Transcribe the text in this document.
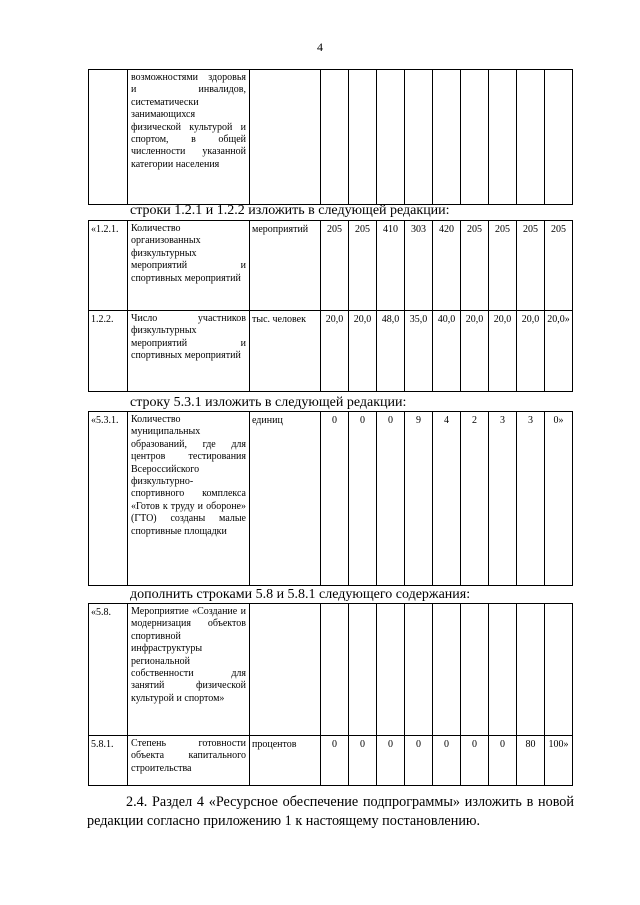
4
	возможностями здоровья и инвалидов, систематически занимающихся физической культурой и спортом, в общей численности указанной категории населения										
строки 1.2.1 и 1.2.2 изложить в следующей редакции:
«1.2.1.	Количество организованных физкультурных мероприятий и спортивных мероприятий	мероприятий	205	205	410	303	420	205	205	205	205
1.2.2.	Число участников физкультурных мероприятий и спортивных мероприятий	тыс. человек	20,0	20,0	48,0	35,0	40,0	20,0	20,0	20,0	20,0»
строку 5.3.1 изложить в следующей редакции:
«5.3.1.	Количество муниципальных образований, где для центров тестирования Всероссийского физкультурно-спортивного комплекса «Готов к труду и обороне» (ГТО) созданы малые спортивные площадки	единиц	0	0	0	9	4	2	3	3	0»
дополнить строками 5.8 и 5.8.1 следующего содержания:
«5.8.	Мероприятие «Создание и модернизация объектов спортивной инфраструктуры региональной собственности для занятий физической культурой и спортом»										
5.8.1.	Степень готовности объекта капитального строительства	процентов	0	0	0	0	0	0	0	80	100»
2.4. Раздел 4 «Ресурсное обеспечение подпрограммы» изложить в новой редакции согласно приложению 1 к настоящему постановлению.
